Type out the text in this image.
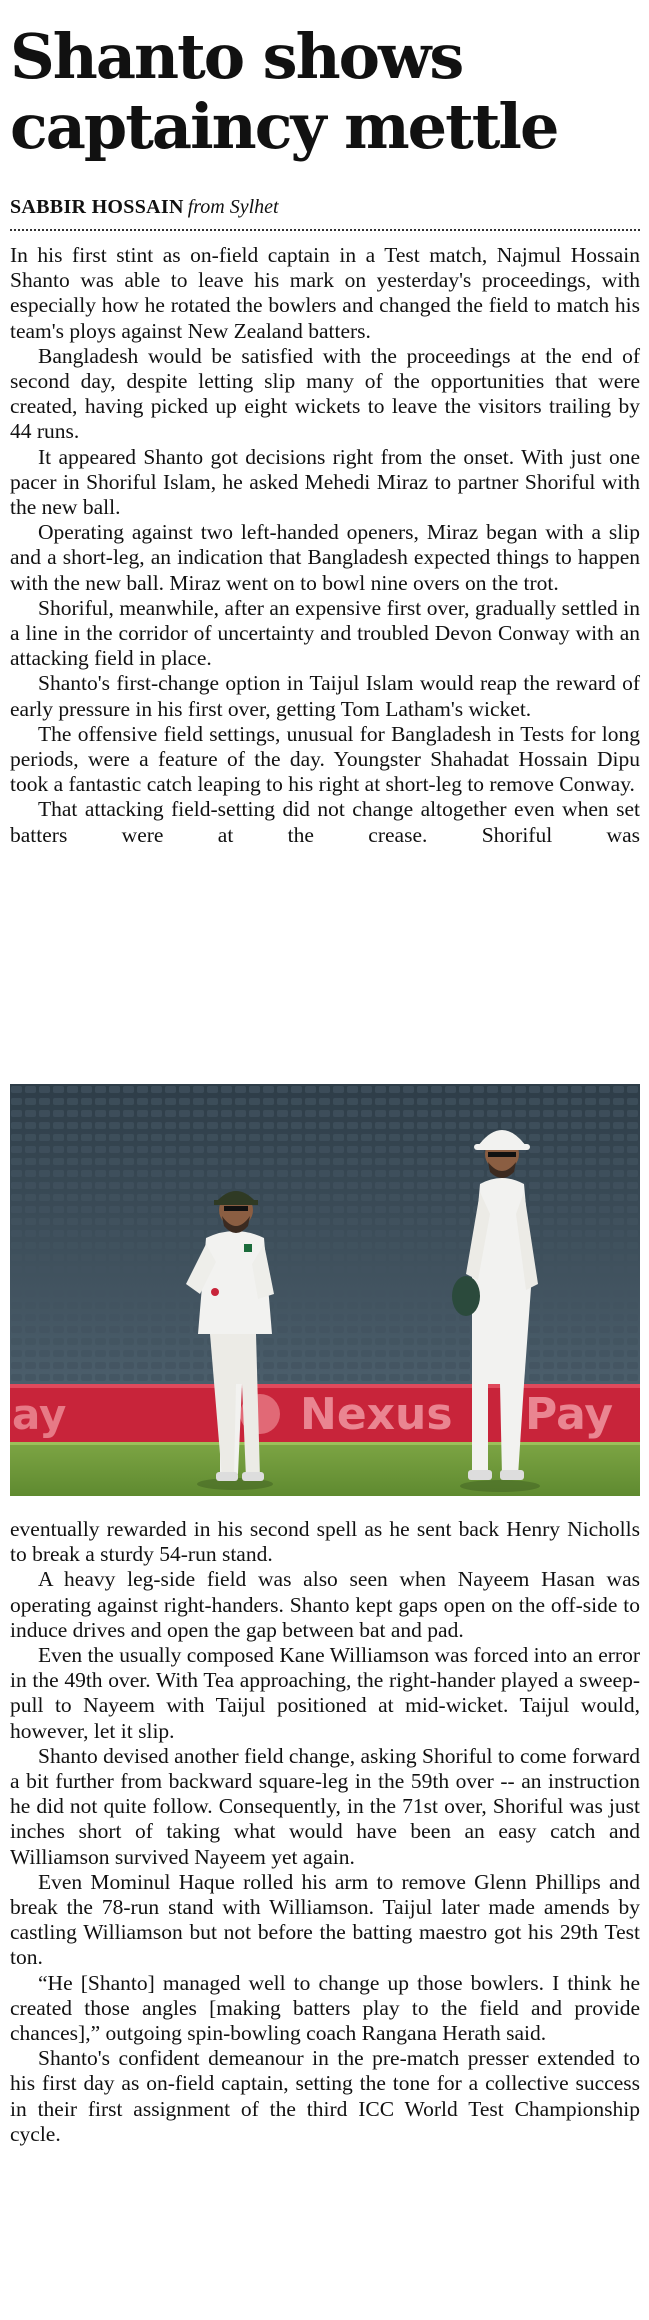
Shanto shows captaincy mettle
SABBIR HOSSAIN from Sylhet

In his first stint as on-field captain in a Test match, Najmul Hossain Shanto was able to leave his mark on yesterday's proceedings, with especially how he rotated the bowlers and changed the field to match his team's ploys against New Zealand batters.

Bangladesh would be satisfied with the proceedings at the end of second day, despite letting slip many of the opportunities that were created, having picked up eight wickets to leave the visitors trailing by 44 runs.

It appeared Shanto got decisions right from the onset. With just one pacer in Shoriful Islam, he asked Mehedi Miraz to partner Shoriful with the new ball.

Operating against two left-handed openers, Miraz began with a slip and a short-leg, an indication that Bangladesh expected things to happen with the new ball. Miraz went on to bowl nine overs on the trot.

Shoriful, meanwhile, after an expensive first over, gradually settled in a line in the corridor of uncertainty and troubled Devon Conway with an attacking field in place.

Shanto's first-change option in Taijul Islam would reap the reward of early pressure in his first over, getting Tom Latham's wicket.

The offensive field settings, unusual for Bangladesh in Tests for long periods, were a feature of the day. Youngster Shahadat Hossain Dipu took a fantastic catch leaping to his right at short-leg to remove Conway.

That attacking field-setting did not change altogether even when set batters were at the crease. Shoriful was

ay	Nexus Pay

eventually rewarded in his second spell as he sent back Henry Nicholls to break a sturdy 54-run stand.

A heavy leg-side field was also seen when Nayeem Hasan was operating against right-handers. Shanto kept gaps open on the off-side to induce drives and open the gap between bat and pad.

Even the usually composed Kane Williamson was forced into an error in the 49th over. With Tea approaching, the right-hander played a sweep-pull to Nayeem with Taijul positioned at mid-wicket. Taijul would, however, let it slip.

Shanto devised another field change, asking Shoriful to come forward a bit further from backward square-leg in the 59th over -- an instruction he did not quite follow. Consequently, in the 71st over, Shoriful was just inches short of taking what would have been an easy catch and Williamson survived Nayeem yet again.

Even Mominul Haque rolled his arm to remove Glenn Phillips and break the 78-run stand with Williamson. Taijul later made amends by castling Williamson but not before the batting maestro got his 29th Test ton.

“He [Shanto] managed well to change up those bowlers. I think he created those angles [making batters play to the field and provide chances],” outgoing spin-bowling coach Rangana Herath said.

Shanto's confident demeanour in the pre-match presser extended to his first day as on-field captain, setting the tone for a collective success in their first assignment of the third ICC World Test Championship cycle.
